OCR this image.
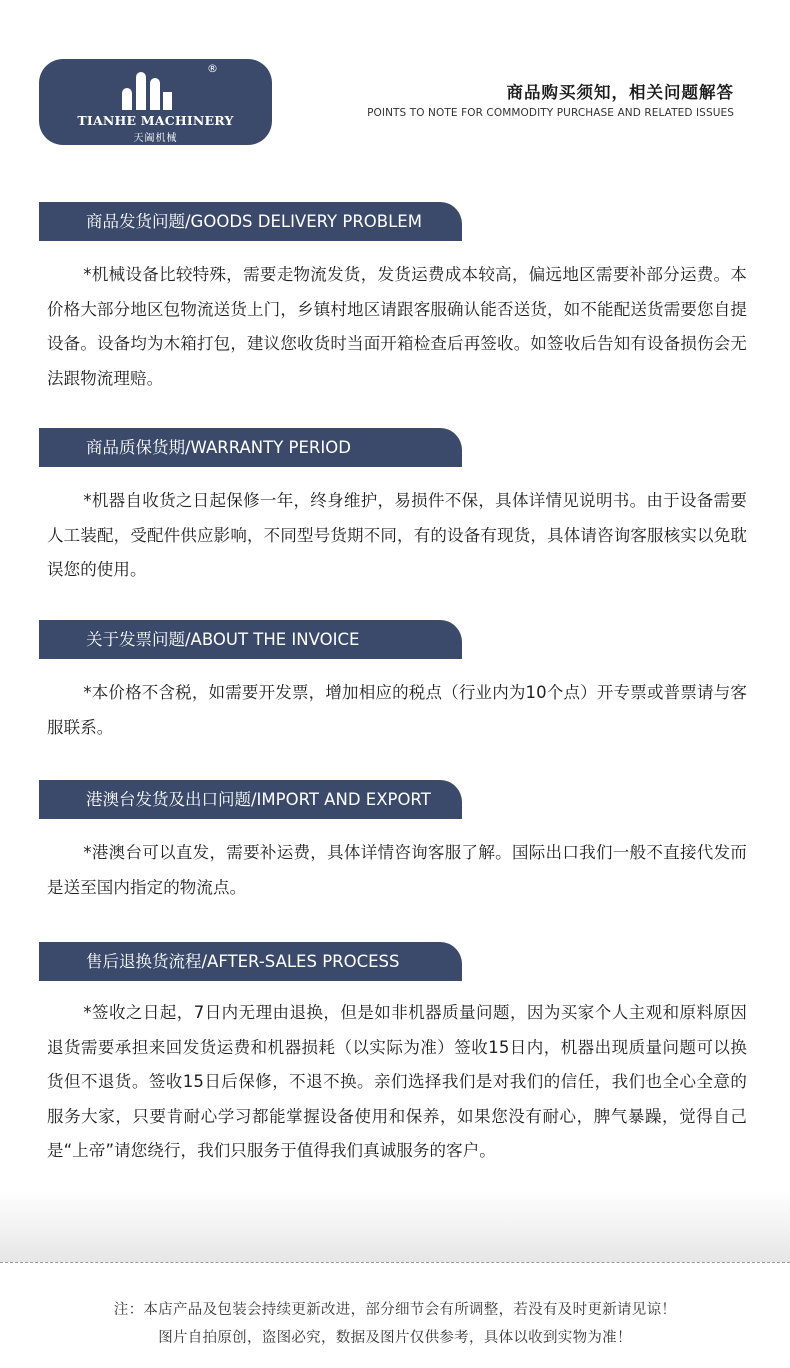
®
TIANHE MACHINERY
天阖机械
商品购买须知，相关问题解答
POINTS TO NOTE FOR COMMODITY PURCHASE AND RELATED ISSUES
商品发货问题/GOODS DELIVERY PROBLEM
*机械设备比较特殊，需要走物流发货，发货运费成本较高，偏远地区需要补部分运费。本价格大部分地区包物流送货上门，乡镇村地区请跟客服确认能否送货，如不能配送货需要您自提设备。设备均为木箱打包，建议您收货时当面开箱检查后再签收。如签收后告知有设备损伤会无法跟物流理赔。
商品质保货期/WARRANTY PERIOD
*机器自收货之日起保修一年，终身维护，易损件不保，具体详情见说明书。由于设备需要人工装配，受配件供应影响，不同型号货期不同，有的设备有现货，具体请咨询客服核实以免耽误您的使用。
关于发票问题/ABOUT THE INVOICE
*本价格不含税，如需要开发票，增加相应的税点（行业内为10个点）开专票或普票请与客服联系。
港澳台发货及出口问题/IMPORT AND EXPORT
*港澳台可以直发，需要补运费，具体详情咨询客服了解。国际出口我们一般不直接代发而是送至国内指定的物流点。
售后退换货流程/AFTER-SALES PROCESS
*签收之日起，7日内无理由退换，但是如非机器质量问题，因为买家个人主观和原料原因退货需要承担来回发货运费和机器损耗（以实际为准）签收15日内，机器出现质量问题可以换货但不退货。签收15日后保修，不退不换。亲们选择我们是对我们的信任，我们也全心全意的服务大家，只要肯耐心学习都能掌握设备使用和保养，如果您没有耐心，脾气暴躁，觉得自己是“上帝”请您绕行，我们只服务于值得我们真诚服务的客户。
注：本店产品及包装会持续更新改进，部分细节会有所调整，若没有及时更新请见谅！
图片自拍原创，盗图必究，数据及图片仅供参考，具体以收到实物为准！
